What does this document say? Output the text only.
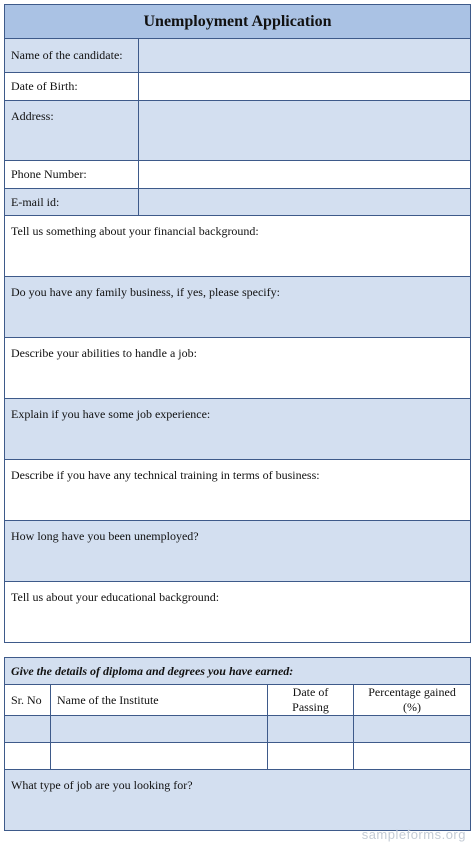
Unemployment Application	
Name of the candidate:	
Date of Birth:	
Address:	
Phone Number:	
E-mail id:	
Tell us something about your financial background:	
Do you have any family business, if yes, please specify:	
Describe your abilities to handle a job:	
Explain if you have some job experience:	
Describe if you have any technical training in terms of business:	
How long have you been unemployed?	
Tell us about your educational background:	
Give the details of diploma and degrees you have earned:			
Sr. No	Name of the Institute	Date of Passing	Percentage gained (%)

What type of job are you looking for?			
sampleforms.org
